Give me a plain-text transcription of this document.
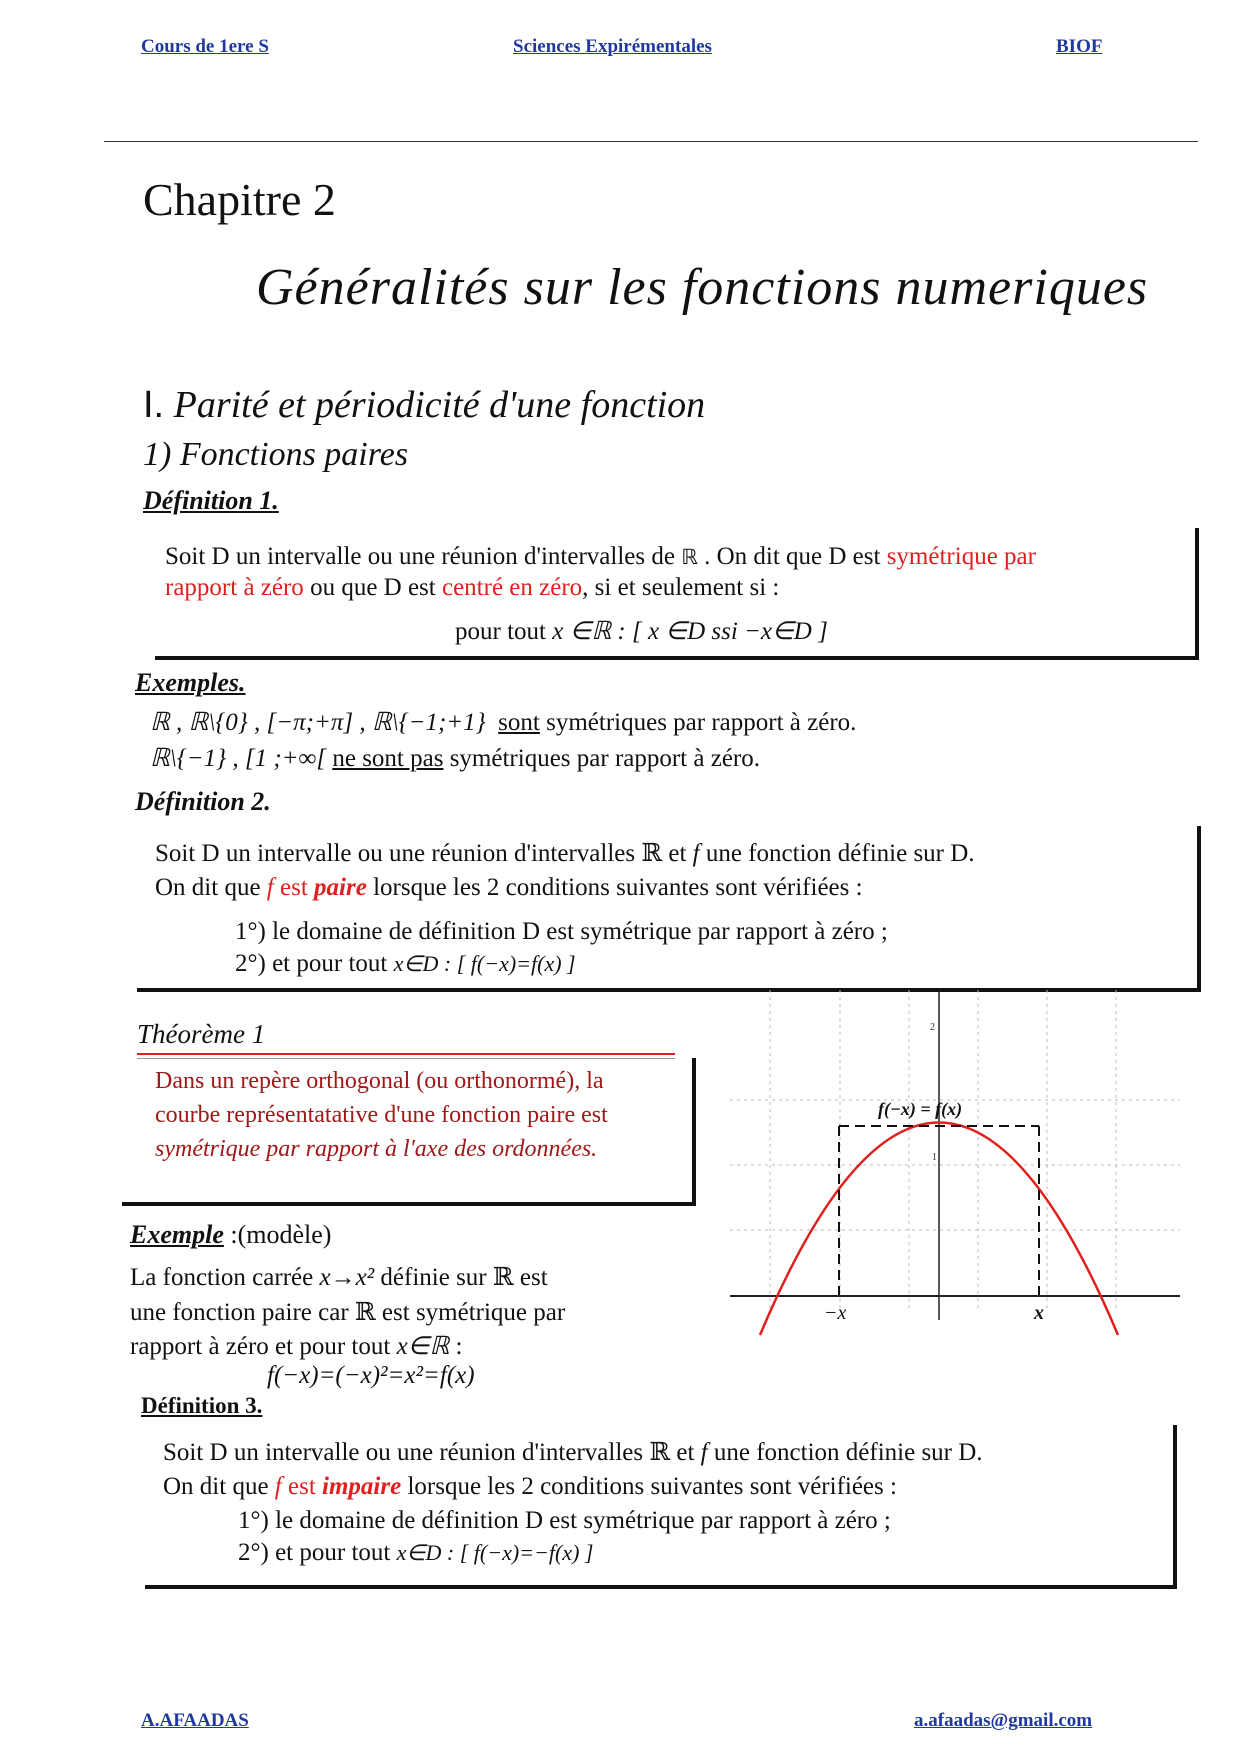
Cours de 1ere S	Sciences Expirémentales	BIOF
Chapitre 2
Généralités sur les fonctions numeriques
I. Parité et périodicité d'une fonction
1) Fonctions paires
Définition 1.
Soit D un intervalle ou une réunion d'intervalles de ℝ . On dit que D est symétrique par
rapport à zéro ou que D est centré en zéro, si et seulement si :
pour tout x ∈ℝ : [ x ∈D ssi −x∈D ]
Exemples.
ℝ , ℝ\{0} , [−π;+π] , ℝ\{−1;+1} sont symétriques par rapport à zéro.
ℝ\{−1} , [1 ;+∞[ ne sont pas symétriques par rapport à zéro.
Définition 2.
Soit D un intervalle ou une réunion d'intervalles ℝ et f une fonction définie sur D.
On dit que f est paire lorsque les 2 conditions suivantes sont vérifiées :
1°) le domaine de définition D est symétrique par rapport à zéro ;
2°) et pour tout x∈D : [ f(−x)=f(x) ]
Théorème 1
Dans un repère orthogonal (ou orthonormé), la
courbe représentatative d'une fonction paire est
symétrique par rapport à l'axe des ordonnées.
Exemple :(modèle)
La fonction carrée x→x² définie sur ℝ est
une fonction paire car ℝ est symétrique par
rapport à zéro et pour tout x∈ℝ :
f(−x)=(−x)²=x²=f(x)
2
1
f(−x) = f(x)
−x	x
Définition 3.
Soit D un intervalle ou une réunion d'intervalles ℝ et f une fonction définie sur D.
On dit que f est impaire lorsque les 2 conditions suivantes sont vérifiées :
1°) le domaine de définition D est symétrique par rapport à zéro ;
2°) et pour tout x∈D : [ f(−x)=−f(x) ]
A.AFAADAS	a.afaadas@gmail.com
